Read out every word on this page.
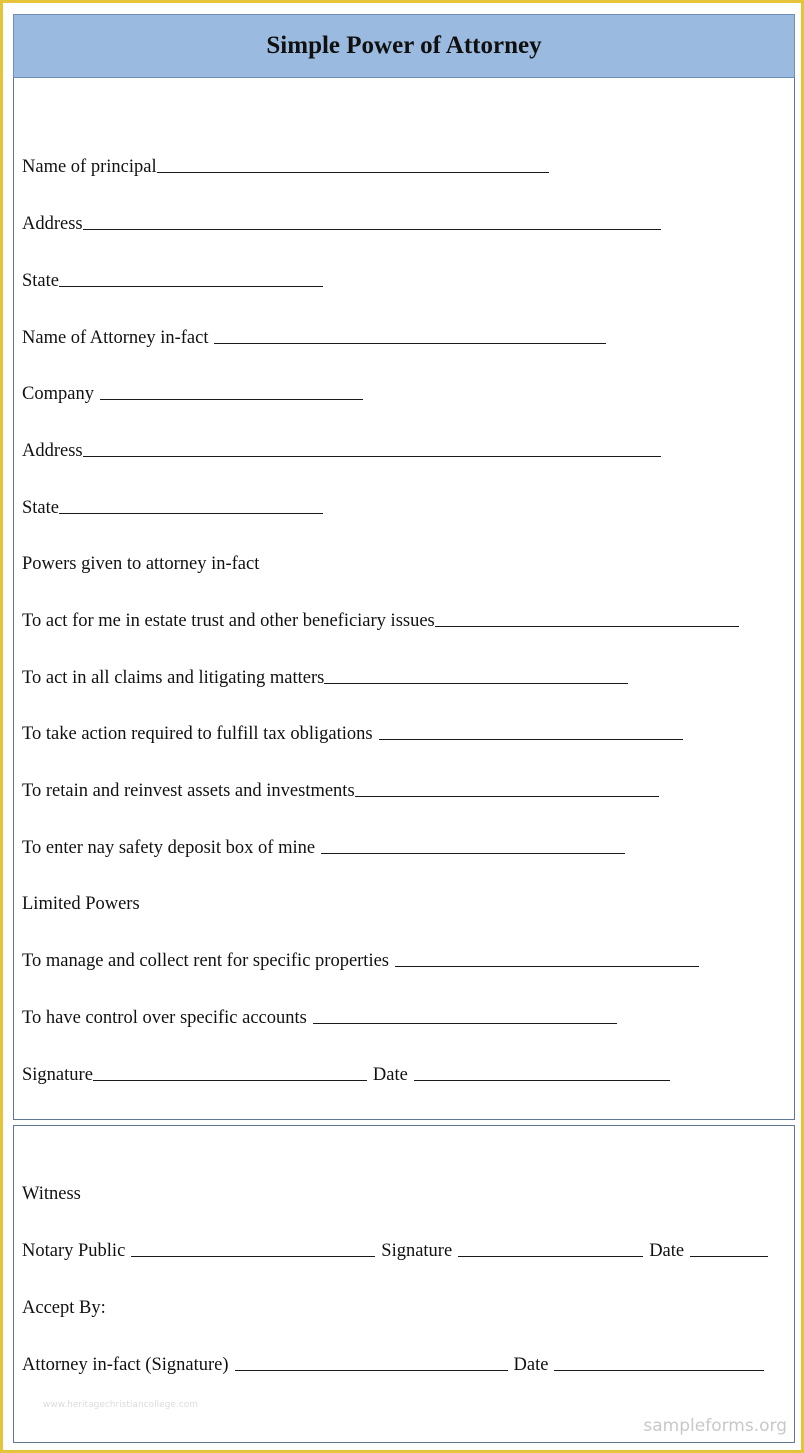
Simple Power of Attorney
Name of principal
Address
State
Name of Attorney in-fact
Company
Address
State
Powers given to attorney in-fact
To act for me in estate trust and other beneficiary issues
To act in all claims and litigating matters
To take action required to fulfill tax obligations
To retain and reinvest assets and investments
To enter nay safety deposit box of mine
Limited Powers
To manage and collect rent for specific properties
To have control over specific accounts
Signature	Date
Witness
Notary Public	Signature	Date
Accept By:
Attorney in-fact (Signature)	Date
www.heritagechristiancollege.com
sampleforms.org
